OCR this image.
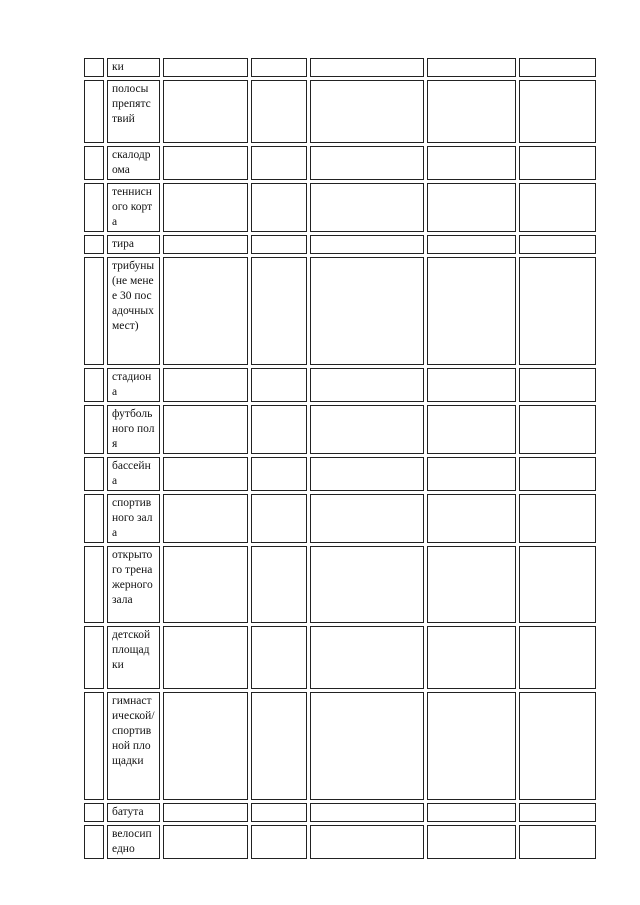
	ки					
	полосы препятствий					
	скалодрома					
	теннисного корта					
	тира					
	трибуны (не менее 30 посадочных мест)					
	стадиона					
	футбольного поля					
	бассейна					
	спортивного зала					
	открытого тренажерного зала					
	детской площадки					
	гимнастической/спортивной площадки					
	батута					
	велосипедно					
